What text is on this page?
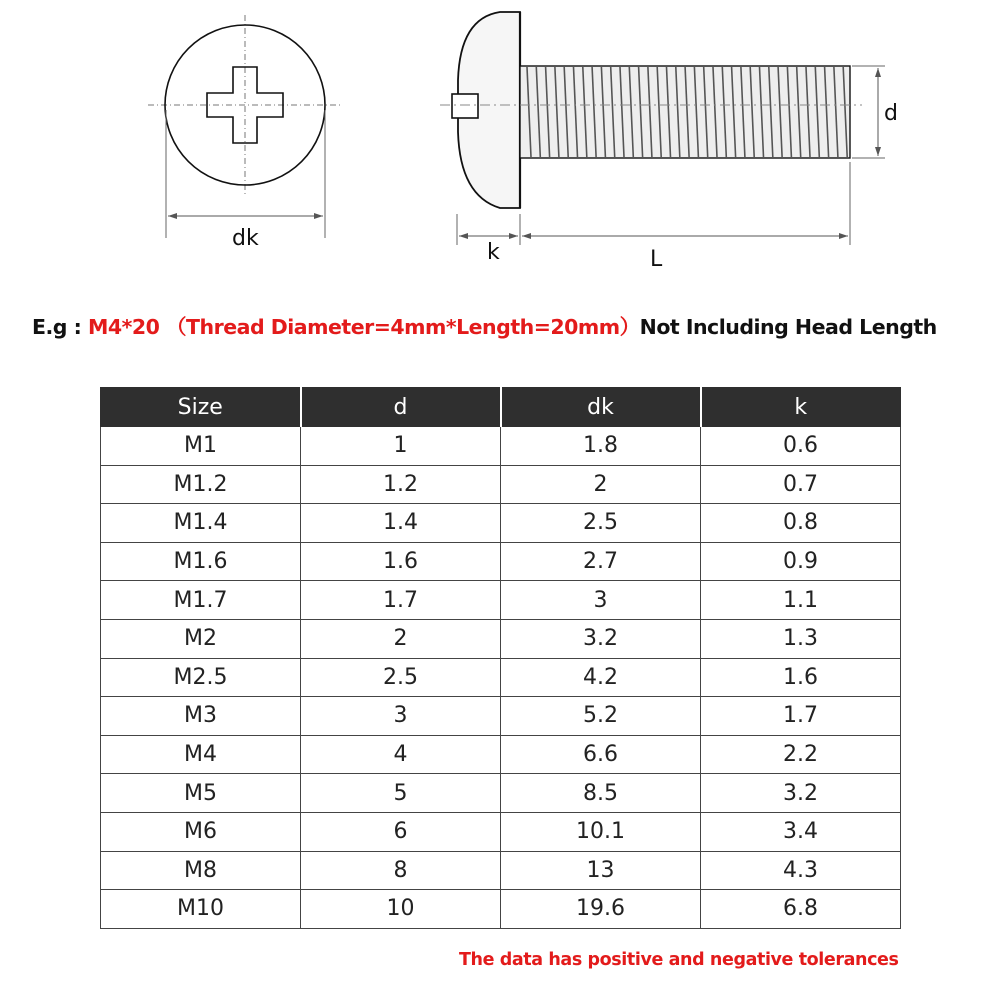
dk
d
k	L
E.g : M4*20 （Thread Diameter=4mm*Length=20mm）Not Including Head Length
Size	d	dk	k
M1	1	1.8	0.6
M1.2	1.2	2	0.7
M1.4	1.4	2.5	0.8
M1.6	1.6	2.7	0.9
M1.7	1.7	3	1.1
M2	2	3.2	1.3
M2.5	2.5	4.2	1.6
M3	3	5.2	1.7
M4	4	6.6	2.2
M5	5	8.5	3.2
M6	6	10.1	3.4
M8	8	13	4.3
M10	10	19.6	6.8
The data has positive and negative tolerances
